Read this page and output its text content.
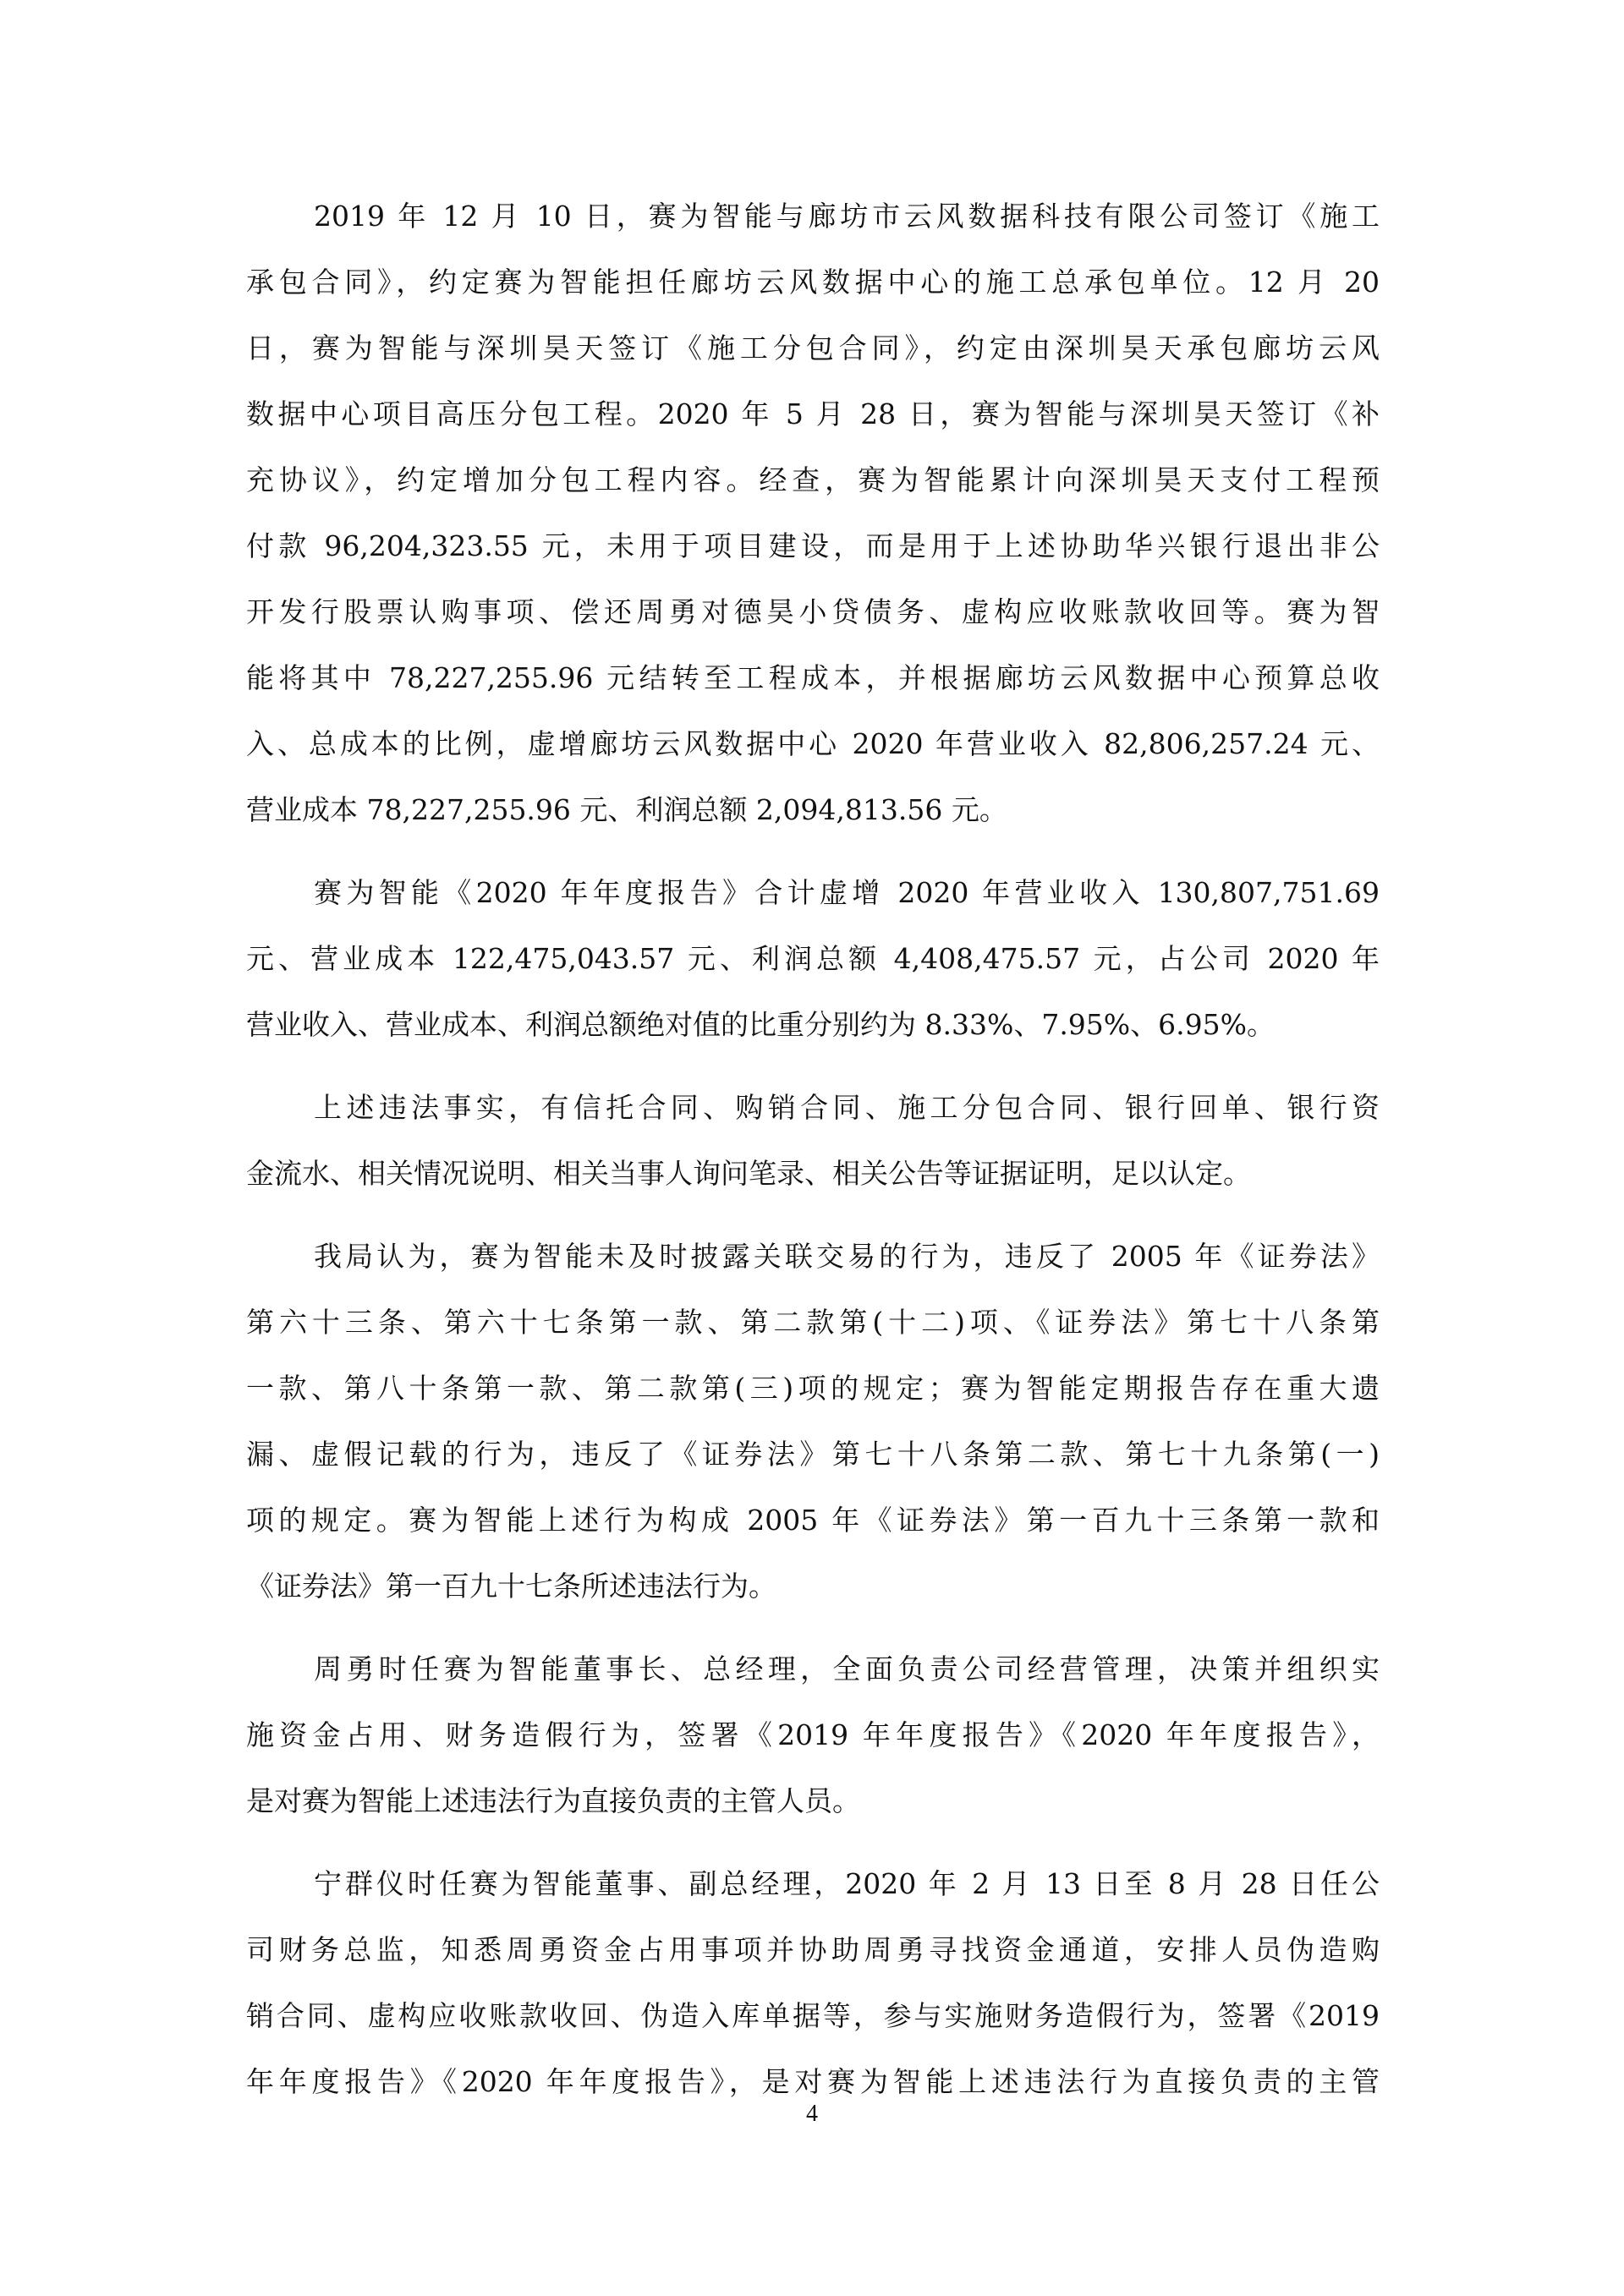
2019 年 12 月 10 日，赛为智能与廊坊市云风数据科技有限公司签订《施工
承包合同》，约定赛为智能担任廊坊云风数据中心的施工总承包单位。12 月 20
日，赛为智能与深圳昊天签订《施工分包合同》，约定由深圳昊天承包廊坊云风
数据中心项目高压分包工程。2020 年 5 月 28 日，赛为智能与深圳昊天签订《补
充协议》，约定增加分包工程内容。经查，赛为智能累计向深圳昊天支付工程预
付款 96,204,323.55 元，未用于项目建设，而是用于上述协助华兴银行退出非公
开发行股票认购事项、偿还周勇对德昊小贷债务、虚构应收账款收回等。赛为智
能将其中 78,227,255.96 元结转至工程成本，并根据廊坊云风数据中心预算总收
入、总成本的比例，虚增廊坊云风数据中心 2020 年营业收入 82,806,257.24 元、
营业成本 78,227,255.96 元、利润总额 2,094,813.56 元。
赛为智能《2020 年年度报告》合计虚增 2020 年营业收入 130,807,751.69
元、营业成本 122,475,043.57 元、利润总额 4,408,475.57 元，占公司 2020 年
营业收入、营业成本、利润总额绝对值的比重分别约为 8.33%、7.95%、6.95%。
上述违法事实，有信托合同、购销合同、施工分包合同、银行回单、银行资
金流水、相关情况说明、相关当事人询问笔录、相关公告等证据证明，足以认定。
我局认为，赛为智能未及时披露关联交易的行为，违反了 2005 年《证券法》
第六十三条、第六十七条第一款、第二款第(十二)项、《证券法》第七十八条第
一款、第八十条第一款、第二款第(三)项的规定；赛为智能定期报告存在重大遗
漏、虚假记载的行为，违反了《证券法》第七十八条第二款、第七十九条第(一)
项的规定。赛为智能上述行为构成 2005 年《证券法》第一百九十三条第一款和
《证券法》第一百九十七条所述违法行为。
周勇时任赛为智能董事长、总经理，全面负责公司经营管理，决策并组织实
施资金占用、财务造假行为，签署《2019 年年度报告》《2020 年年度报告》，
是对赛为智能上述违法行为直接负责的主管人员。
宁群仪时任赛为智能董事、副总经理，2020 年 2 月 13 日至 8 月 28 日任公
司财务总监，知悉周勇资金占用事项并协助周勇寻找资金通道，安排人员伪造购
销合同、虚构应收账款收回、伪造入库单据等，参与实施财务造假行为，签署《2019
年年度报告》《2020 年年度报告》，是对赛为智能上述违法行为直接负责的主管
4
